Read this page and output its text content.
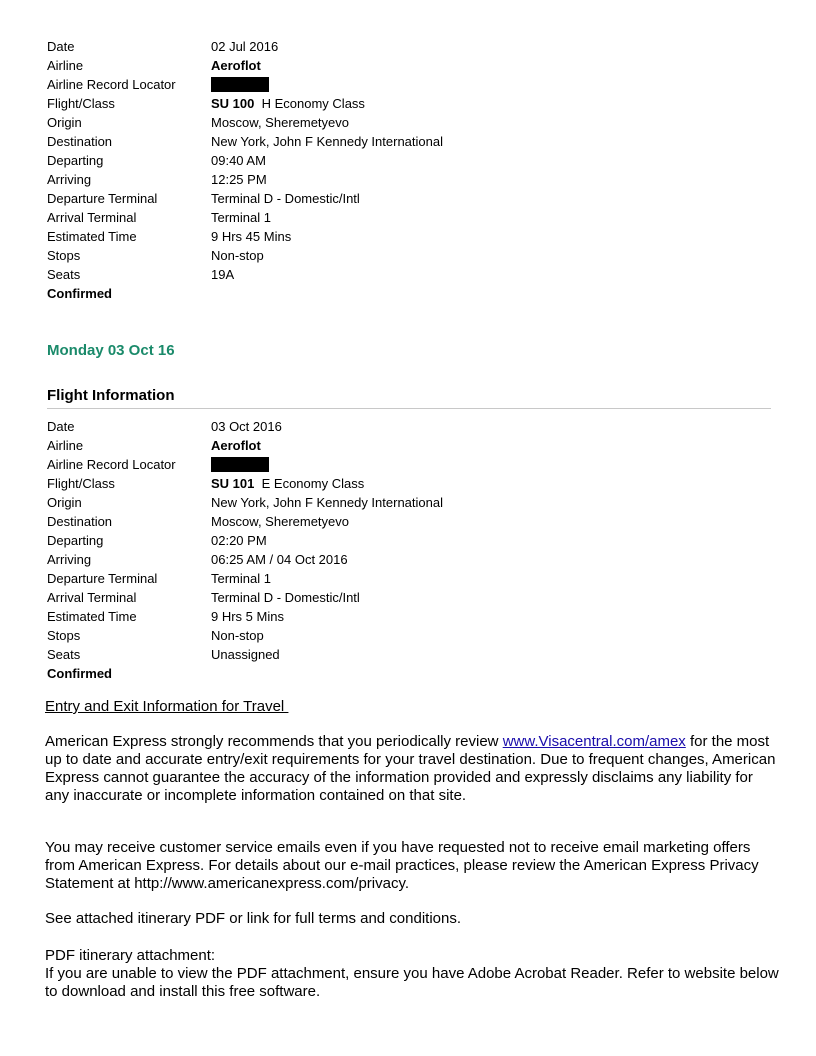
Date	02 Jul 2016
Airline	Aeroflot
Airline Record Locator
Flight/Class	SU 100 H Economy Class
Origin	Moscow, Sheremetyevo
Destination	New York, John F Kennedy International
Departing	09:40 AM
Arriving	12:25 PM
Departure Terminal	Terminal D - Domestic/Intl
Arrival Terminal	Terminal 1
Estimated Time	9 Hrs 45 Mins
Stops	Non-stop
Seats	19A
Confirmed
Monday 03 Oct 16
Flight Information
Date	03 Oct 2016
Airline	Aeroflot
Airline Record Locator
Flight/Class	SU 101 E Economy Class
Origin	New York, John F Kennedy International
Destination	Moscow, Sheremetyevo
Departing	02:20 PM
Arriving	06:25 AM / 04 Oct 2016
Departure Terminal	Terminal 1
Arrival Terminal	Terminal D - Domestic/Intl
Estimated Time	9 Hrs 5 Mins
Stops	Non-stop
Seats	Unassigned
Confirmed
Entry and Exit Information for Travel
American Express strongly recommends that you periodically review www.Visacentral.com/amex for the most up to date and accurate entry/exit requirements for your travel destination. Due to frequent changes, American Express cannot guarantee the accuracy of the information provided and expressly disclaims any liability for any inaccurate or incomplete information contained on that site.
You may receive customer service emails even if you have requested not to receive email marketing offers from American Express. For details about our e-mail practices, please review the American Express Privacy Statement at http://www.americanexpress.com/privacy.
See attached itinerary PDF or link for full terms and conditions.
PDF itinerary attachment:
If you are unable to view the PDF attachment, ensure you have Adobe Acrobat Reader. Refer to website below to download and install this free software.
